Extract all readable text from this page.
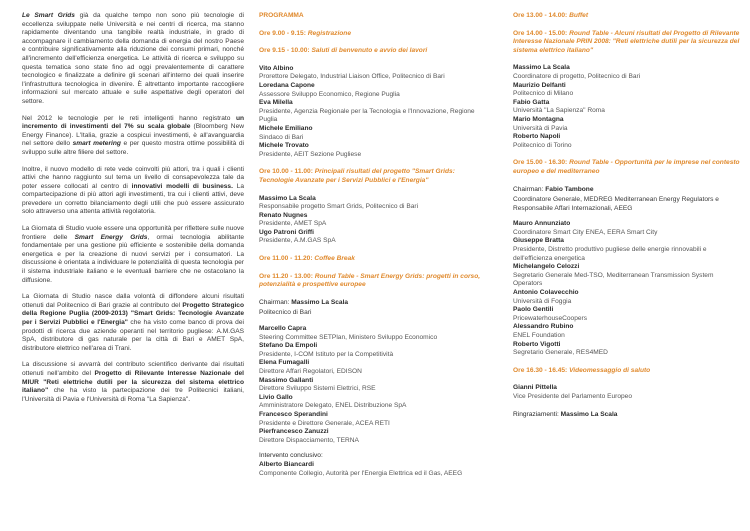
Le Smart Grids già da qualche tempo non sono più tecnologie di eccellenza sviluppate nelle Università e nei centri di ricerca, ma stanno rapidamente diventando una tangibile realtà industriale, in grado di accompagnare il cambiamento della domanda di energia del nostro Paese e contribuire significativamente alla riduzione dei consumi primari, nonché all'incremento dell'efficienza energetica. Le attività di ricerca e sviluppo su questa tematica sono state fino ad oggi prevalentemente di carattere tecnologico e finalizzate a definire gli scenari all'interno dei quali inserire l'infrastruttura tecnologica in divenire. È altrettanto importante raccogliere informazioni sul mercato attuale e sulle aspettative degli operatori del settore.

Nel 2012 le tecnologie per le reti intelligenti hanno registrato un incremento di investimenti del 7% su scala globale (Bloomberg New Energy Finance). L'Italia, grazie a cospicui investimenti, è all'avanguardia nel settore dello smart metering e per questo mostra ottime possibilità di sviluppo sulle altre filiere del settore.

Inoltre, il nuovo modello di rete vede coinvolti più attori, tra i quali i clienti attivi che hanno raggiunto sul tema un livello di consapevolezza tale da poter essere collocati al centro di innovativi modelli di business. La compartecipazione di più attori agli investimenti, tra cui i clienti attivi, deve prevedere un corretto bilanciamento degli utili che può essere assicurato solo attraverso una attenta attività regolatoria.

La Giornata di Studio vuole essere una opportunità per riflettere sulle nuove frontiere delle Smart Energy Grids, ormai tecnologia abilitante fondamentale per una gestione più efficiente e sostenibile della domanda energetica e per la creazione di nuovi servizi per i consumatori. La discussione è orientata a individuare le potenzialità di questa tecnologia per il sistema industriale italiano e le eventuali barriere che ne ostacolano la diffusione.

La Giornata di Studio nasce dalla volontà di diffondere alcuni risultati ottenuti dal Politecnico di Bari grazie al contributo del Progetto Strategico della Regione Puglia (2009-2013) "Smart Grids: Tecnologie Avanzate per i Servizi Pubblici e l'Energia" che ha visto come banco di prova dei prodotti di ricerca due aziende operanti nel territorio pugliese: A.M.GAS SpA, distributore di gas naturale per la città di Bari e AMET SpA, distributore elettrico nell'area di Trani.

La discussione si avvarrà del contributo scientifico derivante dai risultati ottenuti nell'ambito del Progetto di Rilevante Interesse Nazionale del MIUR "Reti elettriche dutili per la sicurezza del sistema elettrico italiano" che ha visto la partecipazione dei tre Politecnici italiani, l'Università di Pavia e l'Università di Roma "La Sapienza".

PROGRAMMA
Ore 9.00 - 9.15: Registrazione
Ore 9.15 - 10.00: Saluti di benvenuto e avvio dei lavori
Vito Albino
Prorettore Delegato, Industrial Liaison Office, Politecnico di Bari
Loredana Capone
Assessore Sviluppo Economico, Regione Puglia
Eva Milella
Presidente, Agenzia Regionale per la Tecnologia e l'Innovazione, Regione Puglia
Michele Emiliano
Sindaco di Bari
Michele Trovato
Presidente, AEIT Sezione Pugliese
Ore 10.00 - 11.00: Principali risultati del progetto "Smart Grids: Tecnologie Avanzate per i Servizi Pubblici e l'Energia"
Massimo La Scala
Responsabile progetto Smart Grids, Politecnico di Bari
Renato Nugnes
Presidente, AMET SpA
Ugo Patroni Griffi
Presidente, A.M.GAS SpA
Ore 11.00 - 11.20: Coffee Break
Ore 11.20 - 13.00: Round Table - Smart Energy Grids: progetti in corso, potenzialità e prospettive europee
Chairman: Massimo La Scala
Politecnico di Bari
Marcello Capra
Steering Committee SETPlan, Ministero Sviluppo Economico
Stefano Da Empoli
Presidente, I-COM Istituto per la Competitività
Elena Fumagalli
Direttore Affari Regolatori, EDISON
Massimo Gallanti
Direttore Sviluppo Sistemi Elettrici, RSE
Livio Gallo
Amministratore Delegato, ENEL Distribuzione SpA
Francesco Sperandini
Presidente e Direttore Generale, ACEA RETI
Pierfrancesco Zanuzzi
Direttore Dispacciamento, TERNA
Intervento conclusivo:
Alberto Biancardi
Componente Collegio, Autorità per l'Energia Elettrica ed il Gas, AEEG
Ore 13.00 - 14.00: Buffet
Ore 14.00 - 15.00: Round Table - Alcuni risultati del Progetto di Rilevante Interesse Nazionale PRIN 2008: "Reti elettriche dutili per la sicurezza del sistema elettrico italiano"
Massimo La Scala
Coordinatore di progetto, Politecnico di Bari
Maurizio Delfanti
Politecnico di Milano
Fabio Gatta
Università "La Sapienza" Roma
Mario Montagna
Università di Pavia
Roberto Napoli
Politecnico di Torino
Ore 15.00 - 16.30: Round Table - Opportunità per le imprese nel contesto europeo e del mediterraneo
Chairman: Fabio Tambone
Coordinatore Generale, MEDREG Mediterranean Energy Regulators e Responsabile Affari Internazionali, AEEG
Mauro Annunziato
Coordinatore Smart City ENEA, EERA Smart City
Giuseppe Bratta
Presidente, Distretto produttivo pugliese delle energie rinnovabili e dell'efficienza energetica
Michelangelo Celozzi
Segretario Generale Med-TSO, Mediterranean Transmission System Operators
Antonio Colavecchio
Università di Foggia
Paolo Gentili
PricewaterhouseCoopers
Alessandro Rubino
ENEL Foundation
Roberto Vigotti
Segretario Generale, RES4MED
Ore 16.30 - 16.45: Videomessaggio di saluto
Gianni Pittella
Vice Presidente del Parlamento Europeo
Ringraziamenti: Massimo La Scala
